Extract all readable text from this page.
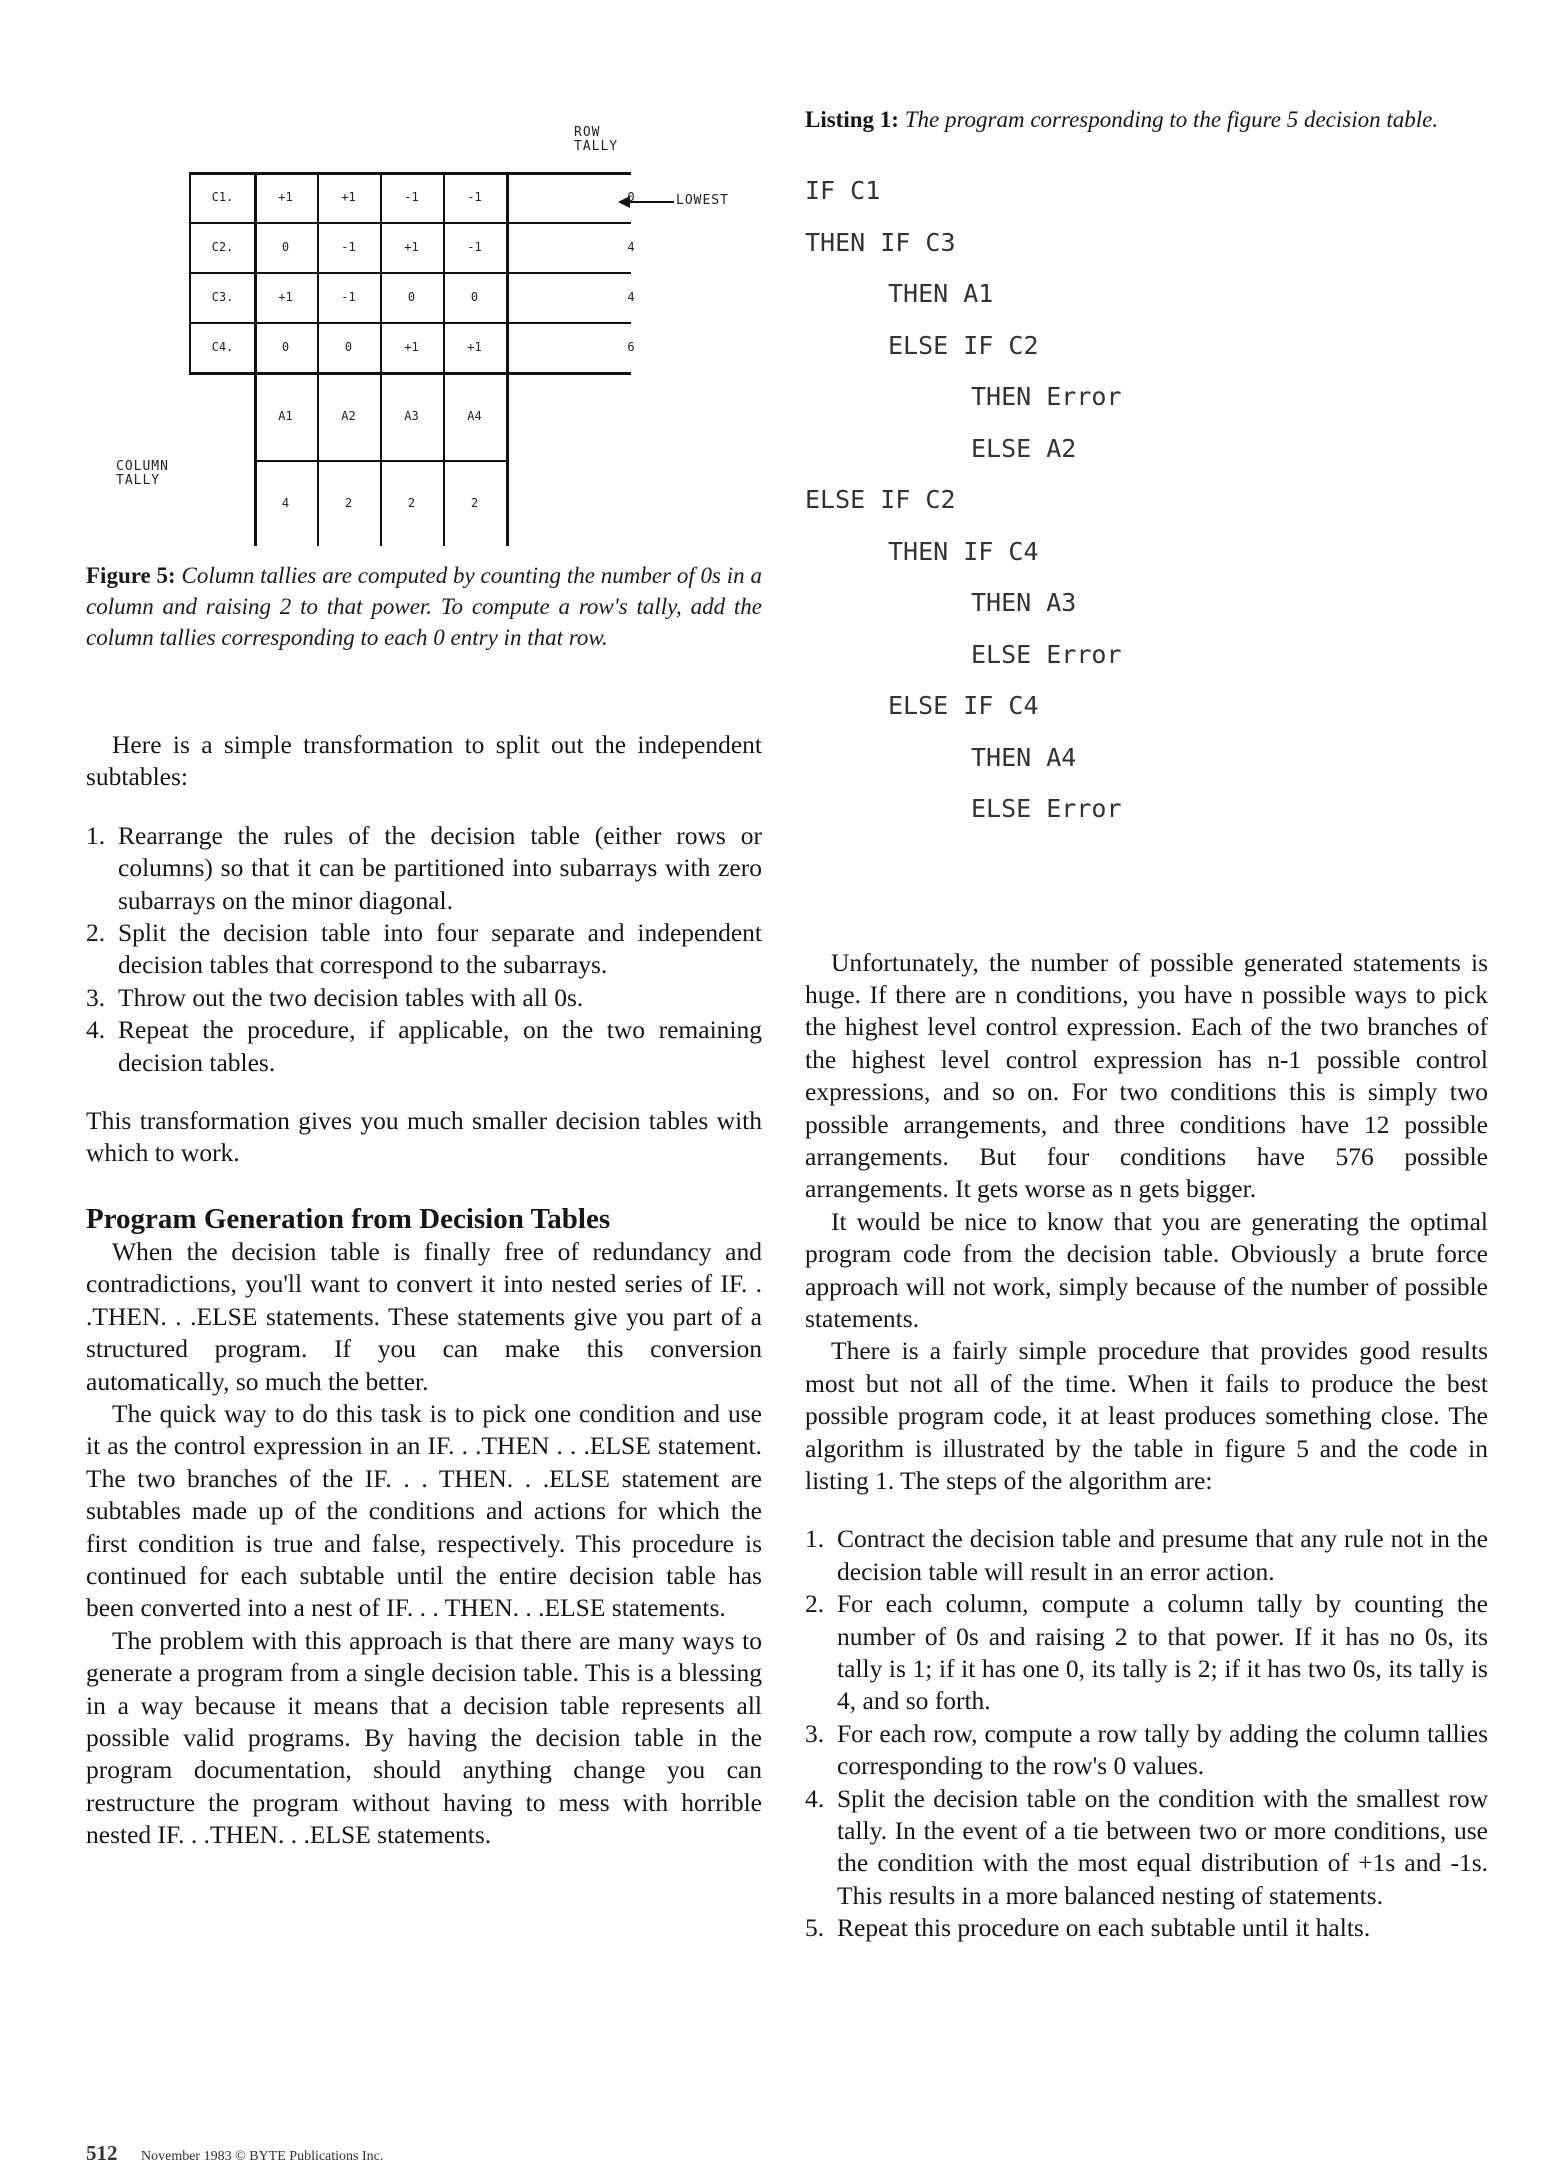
ROW
TALLY
COLUMN
TALLY
LOWEST
C1.	+1	+1	-1	-1	0
C2.	0	-1	+1	-1	4
C3.	+1	-1	0	0	4
C4.	0	0	+1	+1	6
A1	A2	A3	A4
4	2	2	2

Figure 5: Column tallies are computed by counting the number of 0s in a column and raising 2 to that power. To compute a row's tally, add the column tallies corresponding to each 0 entry in that row.

Here is a simple transformation to split out the independent subtables:

1. Rearrange the rules of the decision table (either rows or columns) so that it can be partitioned into subarrays with zero subarrays on the minor diagonal.
2. Split the decision table into four separate and independent decision tables that correspond to the subarrays.
3. Throw out the two decision tables with all 0s.
4. Repeat the procedure, if applicable, on the two remaining decision tables.

This transformation gives you much smaller decision tables with which to work.

Program Generation from Decision Tables

When the decision table is finally free of redundancy and contradictions, you'll want to convert it into nested series of IF. . .THEN. . .ELSE statements. These statements give you part of a structured program. If you can make this conversion automatically, so much the better.

The quick way to do this task is to pick one condition and use it as the control expression in an IF. . .THEN . . .ELSE statement. The two branches of the IF. . . THEN. . .ELSE statement are subtables made up of the conditions and actions for which the first condition is true and false, respectively. This procedure is continued for each subtable until the entire decision table has been converted into a nest of IF. . . THEN. . .ELSE statements.

The problem with this approach is that there are many ways to generate a program from a single decision table. This is a blessing in a way because it means that a decision table represents all possible valid programs. By having the decision table in the program documentation, should anything change you can restructure the program without having to mess with horrible nested IF. . .THEN. . .ELSE statements.

Listing 1: The program corresponding to the figure 5 decision table.

IF C1
THEN IF C3
THEN A1
ELSE IF C2
THEN Error
ELSE A2
ELSE IF C2
THEN IF C4
THEN A3
ELSE Error
ELSE IF C4
THEN A4
ELSE Error

Unfortunately, the number of possible generated statements is huge. If there are n conditions, you have n possible ways to pick the highest level control expression. Each of the two branches of the highest level control expression has n-1 possible control expressions, and so on. For two conditions this is simply two possible arrangements, and three conditions have 12 possible arrangements. But four conditions have 576 possible arrangements. It gets worse as n gets bigger.

It would be nice to know that you are generating the optimal program code from the decision table. Obviously a brute force approach will not work, simply because of the number of possible statements.

There is a fairly simple procedure that provides good results most but not all of the time. When it fails to produce the best possible program code, it at least produces something close. The algorithm is illustrated by the table in figure 5 and the code in listing 1. The steps of the algorithm are:

1. Contract the decision table and presume that any rule not in the decision table will result in an error action.
2. For each column, compute a column tally by counting the number of 0s and raising 2 to that power. If it has no 0s, its tally is 1; if it has one 0, its tally is 2; if it has two 0s, its tally is 4, and so forth.
3. For each row, compute a row tally by adding the column tallies corresponding to the row's 0 values.
4. Split the decision table on the condition with the smallest row tally. In the event of a tie between two or more conditions, use the condition with the most equal distribution of +1s and -1s. This results in a more balanced nesting of statements.
5. Repeat this procedure on each subtable until it halts.
512 November 1983 © BYTE Publications Inc.
